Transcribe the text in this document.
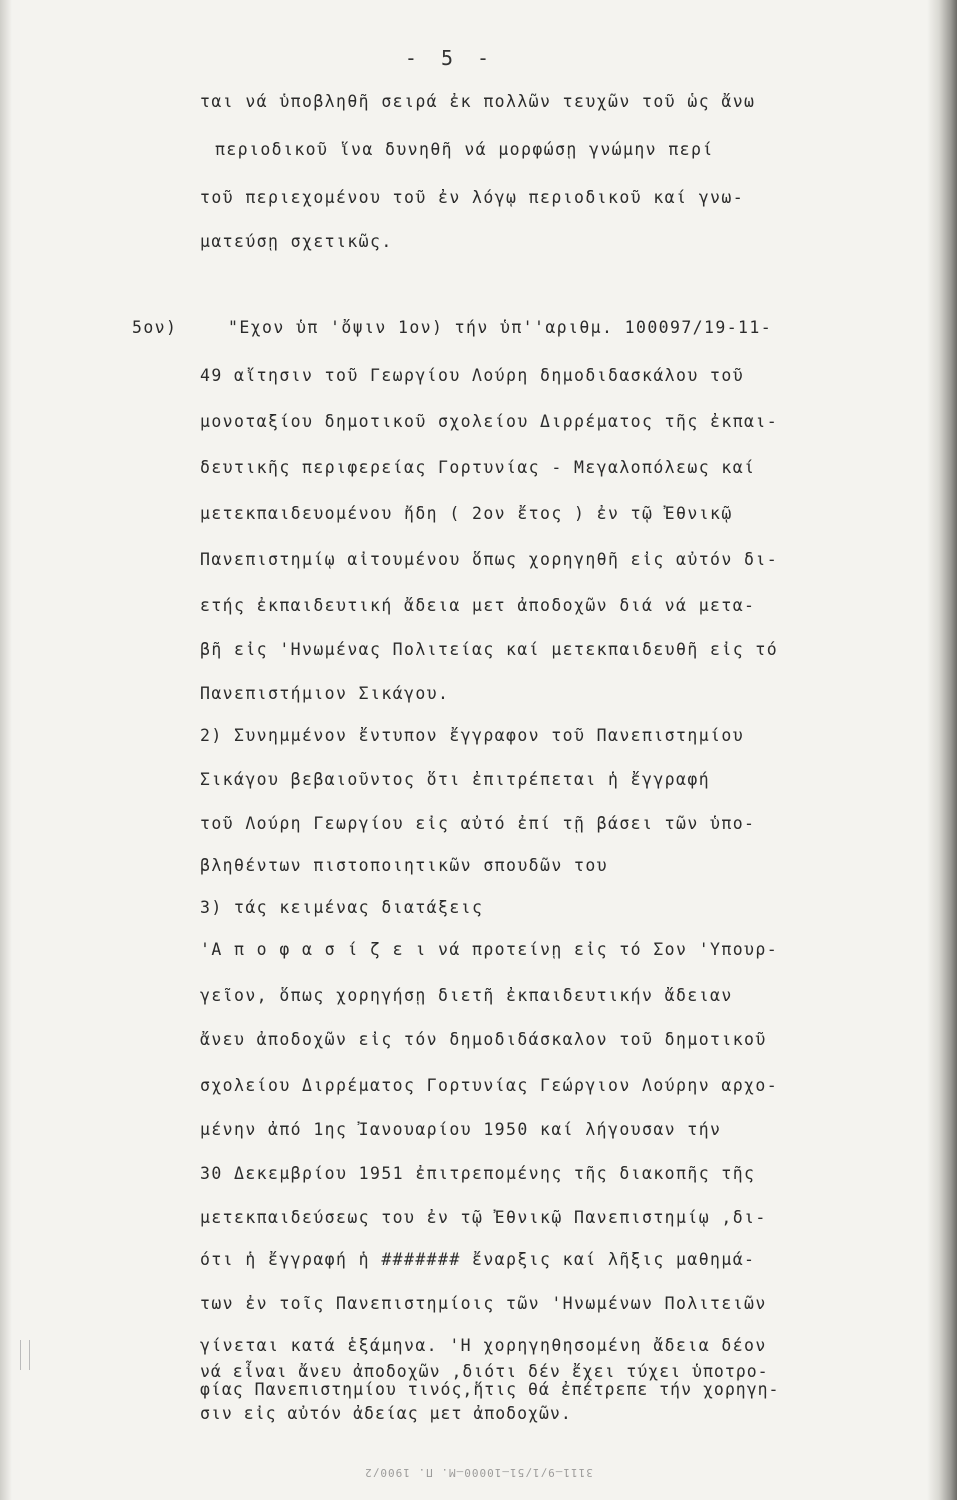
- 5 -
5ον)
ται νά ὑποβληθῆ σειρά ἐκ πολλῶν τευχῶν τοῦ ὡς ἄνω
περιοδικοῦ ἵνα δυνηθῆ νά μορφώσῃ γνώμην περί
τοῦ περιεχομένου τοῦ ἐν λόγῳ περιοδικοῦ καί γνω-
ματεύσῃ σχετικῶς.
"Εχον ὑπ 'ὄψιν 1ον) τήν ὑπ''αριθμ. 100097/19-11-
49 αἴτησιν τοῦ Γεωργίου Λούρη δημοδιδασκάλου τοῦ
μονοταξίου δημοτικοῦ σχολείου Διρρέματος τῆς ἐκπαι-
δευτικῆς περιφερείας Γορτυνίας - Μεγαλοπόλεως καί
μετεκπαιδευομένου ἤδη ( 2ον ἔτος ) ἐν τῷ Ἐθνικῷ
Πανεπιστημίῳ αἰτουμένου ὅπως χορηγηθῆ εἰς αὐτόν δι-
ετής ἐκπαιδευτική ἄδεια μετ ἀποδοχῶν διά νά μετα-
βῆ εἰς 'Ηνωμένας Πολιτείας καί μετεκπαιδευθῆ εἰς τό
Πανεπιστήμιον Σικάγου.
2) Συνημμένον ἔντυπον ἔγγραφον τοῦ Πανεπιστημίου
Σικάγου βεβαιοῦντος ὅτι ἐπιτρέπεται ἡ ἔγγραφή
τοῦ Λούρη Γεωργίου εἰς αὐτό ἐπί τῇ βάσει τῶν ὑπο-
βληθέντων πιστοποιητικῶν σπουδῶν του
3) τάς κειμένας διατάξεις
'Α π ο φ α σ ί ζ ε ι νά προτείνῃ εἰς τό Σον 'Υπουρ-
γεῖον, ὅπως χορηγήσῃ διετῆ ἐκπαιδευτικήν ἄδειαν
ἄνευ ἀποδοχῶν εἰς τόν δημοδιδάσκαλον τοῦ δημοτικοῦ
σχολείου Διρρέματος Γορτυνίας Γεώργιον Λούρην αρχο-
μένην ἀπό 1ης Ἰανουαρίου 1950 καί λήγουσαν τήν
30 Δεκεμβρίου 1951 ἐπιτρεπομένης τῆς διακοπῆς τῆς
μετεκπαιδεύσεως του ἐν τῷ Ἐθνικῷ Πανεπιστημίῳ ,δι-
ότι ἡ ἔγγραφή ἡ ####### ἔναρξις καί λῆξις μαθημά-
των ἐν τοῖς Πανεπιστημίοις τῶν 'Ηνωμένων Πολιτειῶν
γίνεται κατά ἑξάμηνα. 'Η χορηγηθησομένη ἄδεια δέον
νά εἶναι ἄνευ ἀποδοχῶν ,διότι δέν ἔχει τύχει ὑποτρο-
φίας Πανεπιστημίου τινός,ἥτις θά ἐπέτρεπε τήν χορηγη-
σιν εἰς αὐτόν ἀδείας μετ ἀποδοχῶν.
3111—9/1/51—10000—M. Π. 1900/2
